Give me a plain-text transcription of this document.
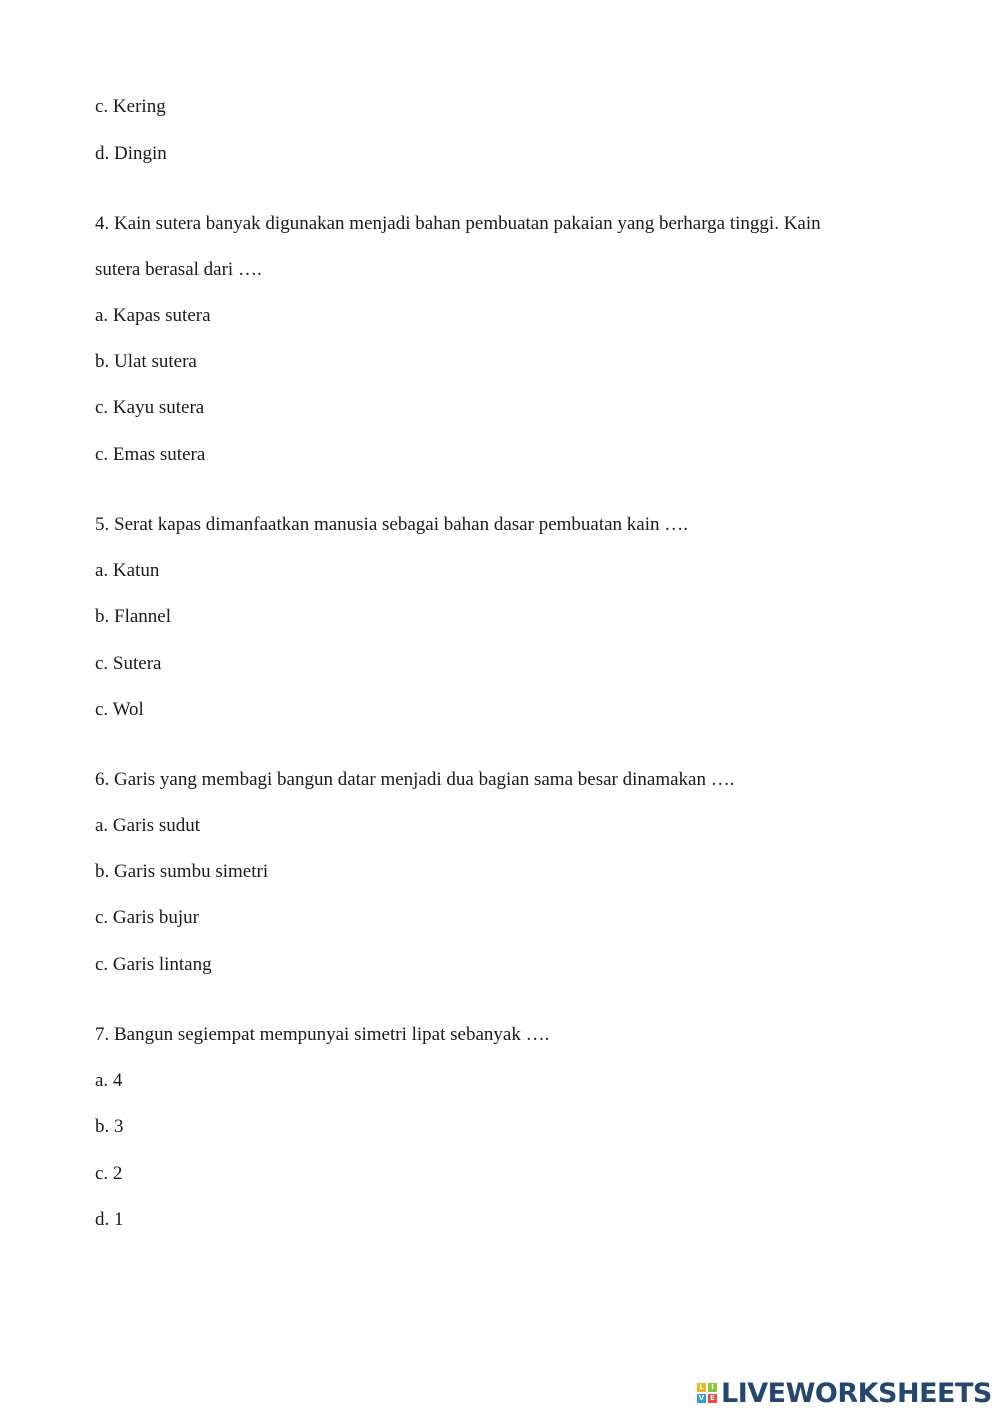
c. Kering
d. Dingin
4. Kain sutera banyak digunakan menjadi bahan pembuatan pakaian yang berharga tinggi. Kain
sutera berasal dari ….
a. Kapas sutera
b. Ulat sutera
c. Kayu sutera
c. Emas sutera
5. Serat kapas dimanfaatkan manusia sebagai bahan dasar pembuatan kain ….
a. Katun
b. Flannel
c. Sutera
c. Wol
6. Garis yang membagi bangun datar menjadi dua bagian sama besar dinamakan ….
a. Garis sudut
b. Garis sumbu simetri
c. Garis bujur
c. Garis lintang
7. Bangun segiempat mempunyai simetri lipat sebanyak ….
a. 4
b. 3
c. 2
d. 1
L	I
V E LIVEWORKSHEETS
